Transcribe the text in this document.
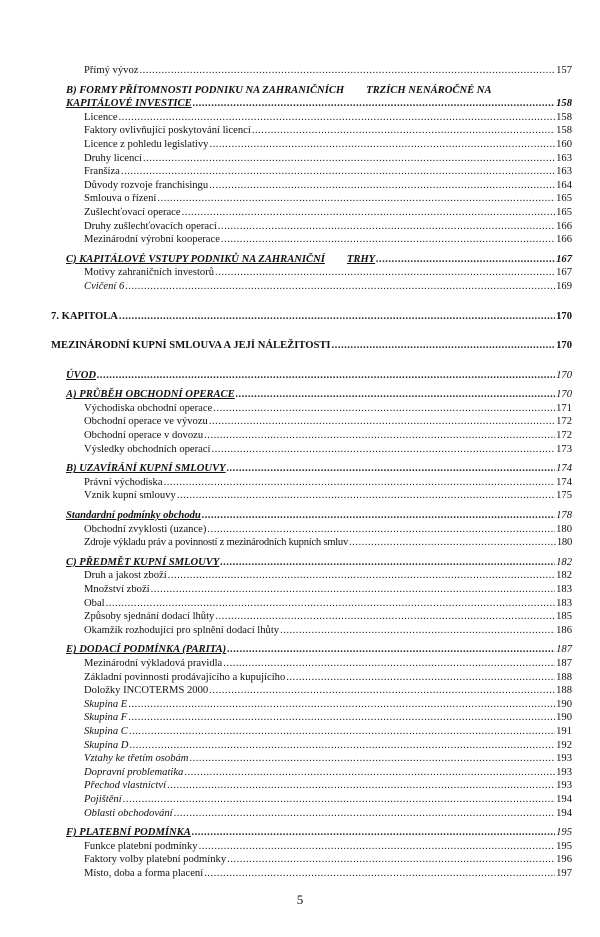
Přímý vývoz .....	157
B) FORMY PŘÍTOMNOSTI PODNIKU NA ZAHRANIČNÍCH TRZÍCH NENÁROČNÉ NA
KAPITÁLOVÉ INVESTICE .....	158
Licence .....	158
Faktory ovlivňující poskytování licencí .....	158
Licence z pohledu legislativy .....	160
Druhy licencí .....	163
Franšíza .....	163
Důvody rozvoje franchisingu .....	164
Smlouva o řízení .....	165
Zušlechťovací operace .....	165
Druhy zušlechťovacích operací .....	166
Mezinárodní výrobní kooperace .....	166
C) KAPITÁLOVÉ VSTUPY PODNIKŮ NA ZAHRANIČNÍ TRHY .....	167
Motivy zahraničních investorů .....	167
Cvičení 6 .....	169
7. KAPITOLA .....	170
MEZINÁRODNÍ KUPNÍ SMLOUVA A JEJÍ NÁLEŽITOSTI .....	170
ÚVOD .....	170
A) PRŮBĚH OBCHODNÍ OPERACE .....	170
Východiska obchodní operace .....	171
Obchodní operace ve vývozu .....	172
Obchodní operace v dovozu .....	172
Výsledky obchodních operací .....	173
B) UZAVÍRÁNÍ KUPNÍ SMLOUVY .....	174
Právní východiska .....	174
Vznik kupní smlouvy .....	175
Standardní podmínky obchodu .....	178
Obchodní zvyklosti (uzance) .....	180
Zdroje výkladu práv a povinností z mezinárodních kupních smluv .....	180
C) PŘEDMĚT KUPNÍ SMLOUVY .....	182
Druh a jakost zboží .....	182
Množství zboží .....	183
Obal .....	183
Způsoby sjednání dodací lhůty .....	185
Okamžik rozhodující pro splnění dodací lhůty .....	186
E) DODACÍ PODMÍNKA (PARITA) .....	187
Mezinárodní výkladová pravidla .....	187
Základní povinnosti prodávajícího a kupujícího .....	188
Doložky INCOTERMS 2000 .....	188
Skupina E .....	190
Skupina F .....	190
Skupina C .....	191
Skupina D .....	192
Vztahy ke třetím osobám .....	193
Dopravní problematika .....	193
Přechod vlastnictví .....	193
Pojištění .....	194
Oblasti obchodování .....	194
F) PLATEBNÍ PODMÍNKA .....	195
Funkce platební podmínky .....	195
Faktory volby platební podmínky .....	196
Místo, doba a forma placení .....	197
5
